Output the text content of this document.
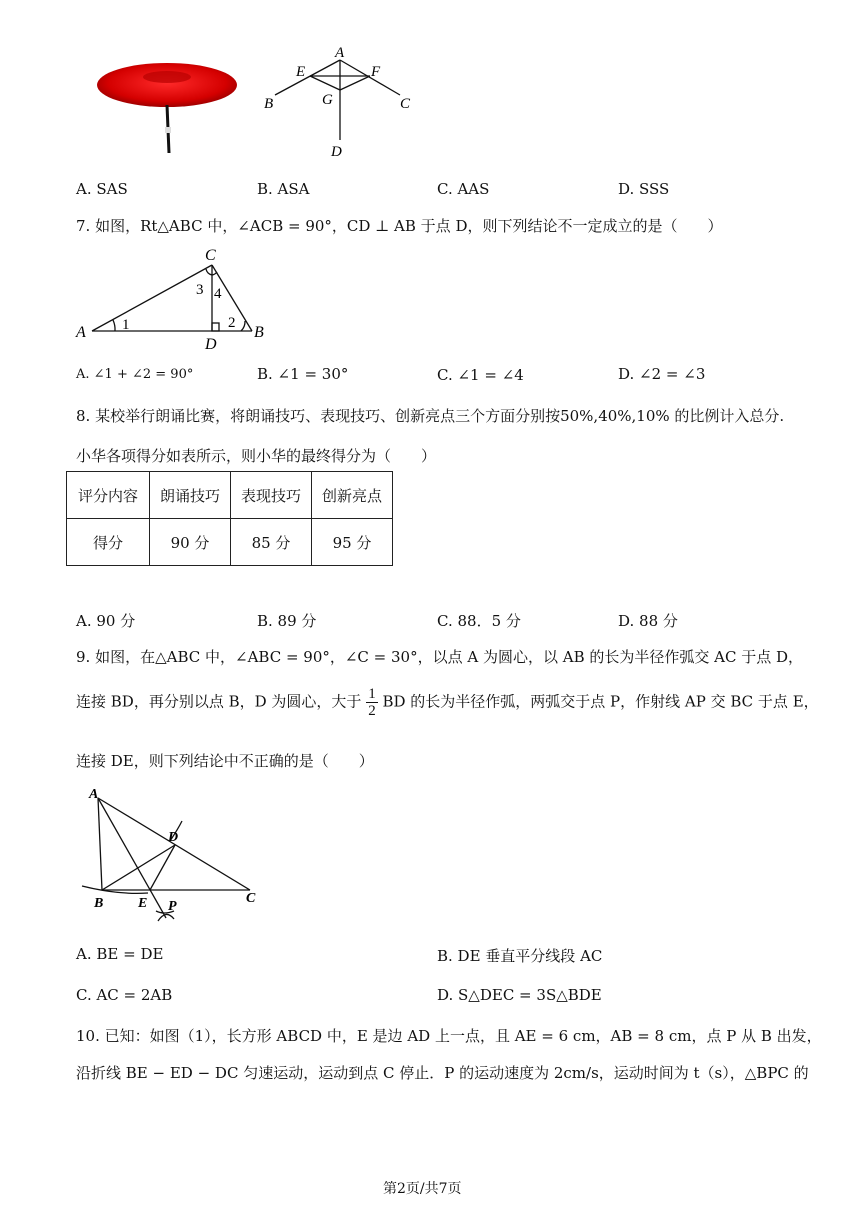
A
E	F
G
B	C
D
A. SAS	B. ASA	C. AAS	D. SSS
7. 如图，Rt△ABC 中，∠ACB = 90°，CD ⊥ AB 于点 D，则下列结论不一定成立的是（　　）
A	B
C
D
1	2
3 4
A. ∠1 + ∠2 = 90°	B. ∠1 = 30°	C. ∠1 = ∠4	D. ∠2 = ∠3
8. 某校举行朗诵比赛，将朗诵技巧、表现技巧、创新亮点三个方面分别按50%,40%,10% 的比例计入总分.
小华各项得分如表所示，则小华的最终得分为（　　）
评分内容	朗诵技巧	表现技巧	创新亮点
得分	90 分	85 分	95 分
A. 90 分	B. 89 分	C. 88．5 分	D. 88 分
9. 如图，在△ABC 中，∠ABC = 90°，∠C = 30°，以点 A 为圆心，以 AB 的长为半径作弧交 AC 于点 D，
连接 BD，再分别以点 B，D 为圆心，大于 $\frac{1}{2}$ BD 的长为半径作弧，两弧交于点 P，作射线 AP 交 BC 于点 E，
连接 DE，则下列结论中不正确的是（　　）
A
D
B E P
C
A. BE = DE	B. DE 垂直平分线段 AC
C. AC = 2AB	D. S△DEC = 3S△BDE
10. 已知：如图（1），长方形 ABCD 中，E 是边 AD 上一点，且 AE = 6 cm，AB = 8 cm，点 P 从 B 出发，
沿折线 BE − ED − DC 匀速运动，运动到点 C 停止．P 的运动速度为 2cm/s，运动时间为 t（s），△BPC 的
第2页/共7页
